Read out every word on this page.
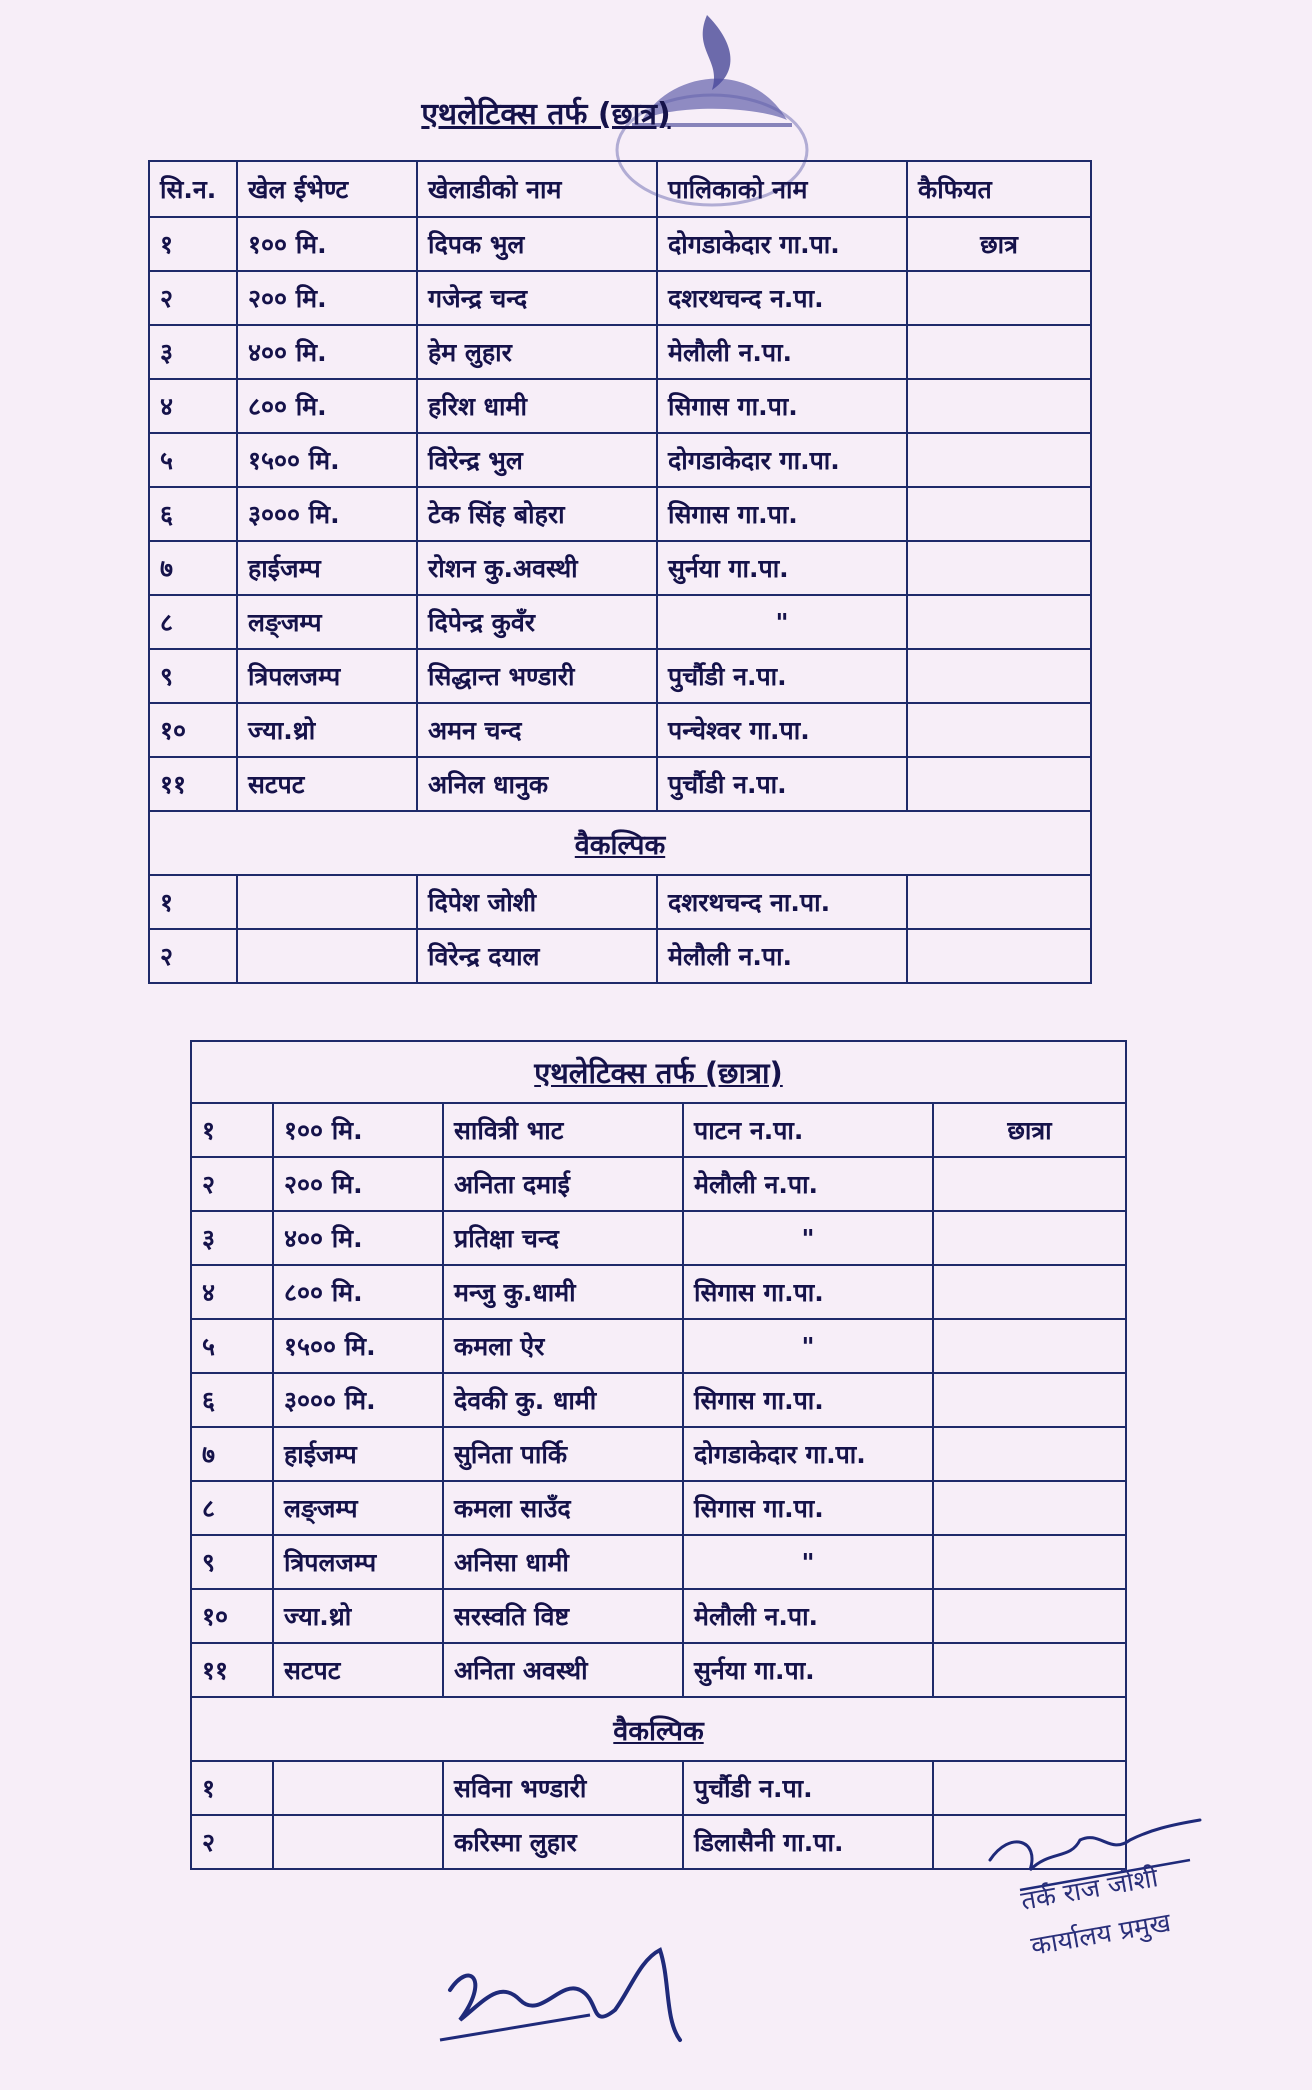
एथलेटिक्स तर्फ (छात्र)
सि.न.	खेल ईभेण्ट	खेलाडीको नाम	पालिकाको नाम	कैफियत
१	१०० मि.	दिपक भुल	दोगडाकेदार गा.पा.	छात्र
२	२०० मि.	गजेन्द्र चन्द	दशरथचन्द न.पा.	
३	४०० मि.	हेम लुहार	मेलौली न.पा.	
४	८०० मि.	हरिश धामी	सिगास गा.पा.	
५	१५०० मि.	विरेन्द्र भुल	दोगडाकेदार गा.पा.	
६	३००० मि.	टेक सिंह बोहरा	सिगास गा.पा.	
७	हाईजम्प	रोशन कु.अवस्थी	सुर्नया गा.पा.	
८	लङ्जम्प	दिपेन्द्र कुवँर	"	
९	त्रिपलजम्प	सिद्धान्त भण्डारी	पुर्चौडी न.पा.	
१०	ज्या.थ्रो	अमन चन्द	पन्चेश्वर गा.पा.	
११	सटपट	अनिल धानुक	पुर्चौडी न.पा.	
वैकल्पिक				
१		दिपेश जोशी	दशरथचन्द ना.पा.	
२		विरेन्द्र दयाल	मेलौली न.पा.	
एथलेटिक्स तर्फ (छात्रा)				
१	१०० मि.	सावित्री भाट	पाटन न.पा.	छात्रा
२	२०० मि.	अनिता दमाई	मेलौली न.पा.	
३	४०० मि.	प्रतिक्षा चन्द	"	
४	८०० मि.	मन्जु कु.धामी	सिगास गा.पा.	
५	१५०० मि.	कमला ऐर	"	
६	३००० मि.	देवकी कु. धामी	सिगास गा.पा.	
७	हाईजम्प	सुनिता पार्कि	दोगडाकेदार गा.पा.	
८	लङ्जम्प	कमला साउँद	सिगास गा.पा.	
९	त्रिपलजम्प	अनिसा धामी	"	
१०	ज्या.थ्रो	सरस्वति विष्ट	मेलौली न.पा.	
११	सटपट	अनिता अवस्थी	सुर्नया गा.पा.	
वैकल्पिक				
१		सविना भण्डारी	पुर्चौडी न.पा.	
२		करिस्मा लुहार	डिलासैनी गा.पा.	
तर्क राज जोशी
कार्यालय प्रमुख
